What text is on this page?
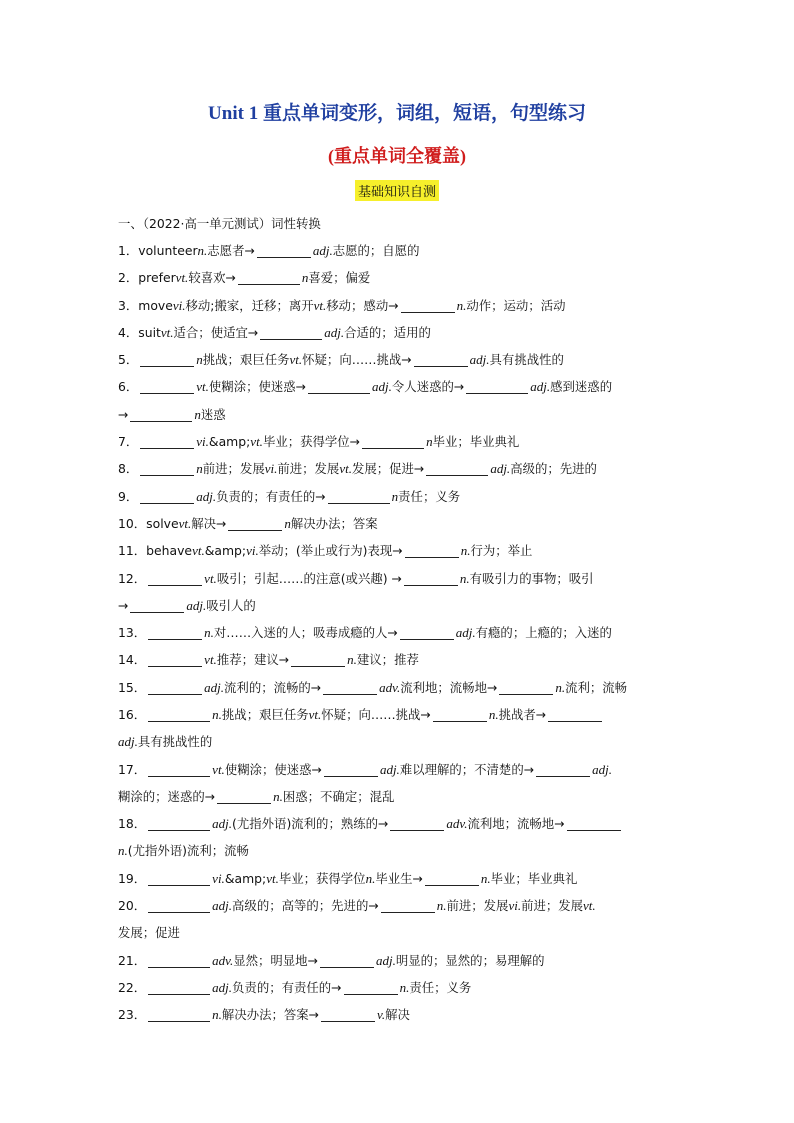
Unit 1 重点单词变形，词组，短语，句型练习
(重点单词全覆盖)
基础知识自测
一、（2022·高一单元测试）词性转换
1．volunteer n. 志愿者→	adj. 志愿的；自愿的
2．prefer vt. 较喜欢→	n 喜爱；偏爱
3．move vi. 移动;搬家，迁移；离开 vt. 移动；感动→	n. 动作；运动；活动
4．suit vt. 适合；使适宜→	adj. 合适的；适用的
5．	n 挑战；艰巨任务 vt. 怀疑；向……挑战→	adj. 具有挑战性的
6．	vt. 使糊涂；使迷惑→	adj. 令人迷惑的→	adj. 感到迷惑的
→	n 迷惑
7．	vi. &amp; vt. 毕业；获得学位→	n 毕业；毕业典礼
8．	n 前进；发展 vi. 前进；发展 vt. 发展；促进→	adj. 高级的；先进的
9．	adj. 负责的；有责任的→	n 责任；义务
10．solve vt. 解决→	n 解决办法；答案
11．behave vt. &amp; vi. 举动；(举止或行为)表现→	n. 行为；举止
12．	vt. 吸引；引起……的注意(或兴趣) →	n. 有吸引力的事物；吸引
→	adj. 吸引人的
13．	n. 对……入迷的人；吸毒成瘾的人→	adj. 有瘾的；上瘾的；入迷的
14．	vt. 推荐；建议→	n. 建议；推荐
15．	adj. 流利的；流畅的→	adv. 流利地；流畅地→	n. 流利；流畅
16．	n. 挑战；艰巨任务 vt. 怀疑；向……挑战→	n. 挑战者→
adj. 具有挑战性的
17．	vt. 使糊涂；使迷惑→	adj. 难以理解的；不清楚的→	adj.
糊涂的；迷惑的→	n. 困惑；不确定；混乱
18．	adj. (尤指外语)流利的；熟练的→	adv. 流利地；流畅地→
n. (尤指外语)流利；流畅
19．	vi. &amp; vt. 毕业；获得学位 n. 毕业生→	n. 毕业；毕业典礼
20．	adj. 高级的；高等的；先进的→	n. 前进；发展 vi. 前进；发展 vt.
发展；促进
21．	adv. 显然；明显地→	adj. 明显的；显然的；易理解的
22．	adj. 负责的；有责任的→	n. 责任；义务
23．	n. 解决办法；答案→	v. 解决
